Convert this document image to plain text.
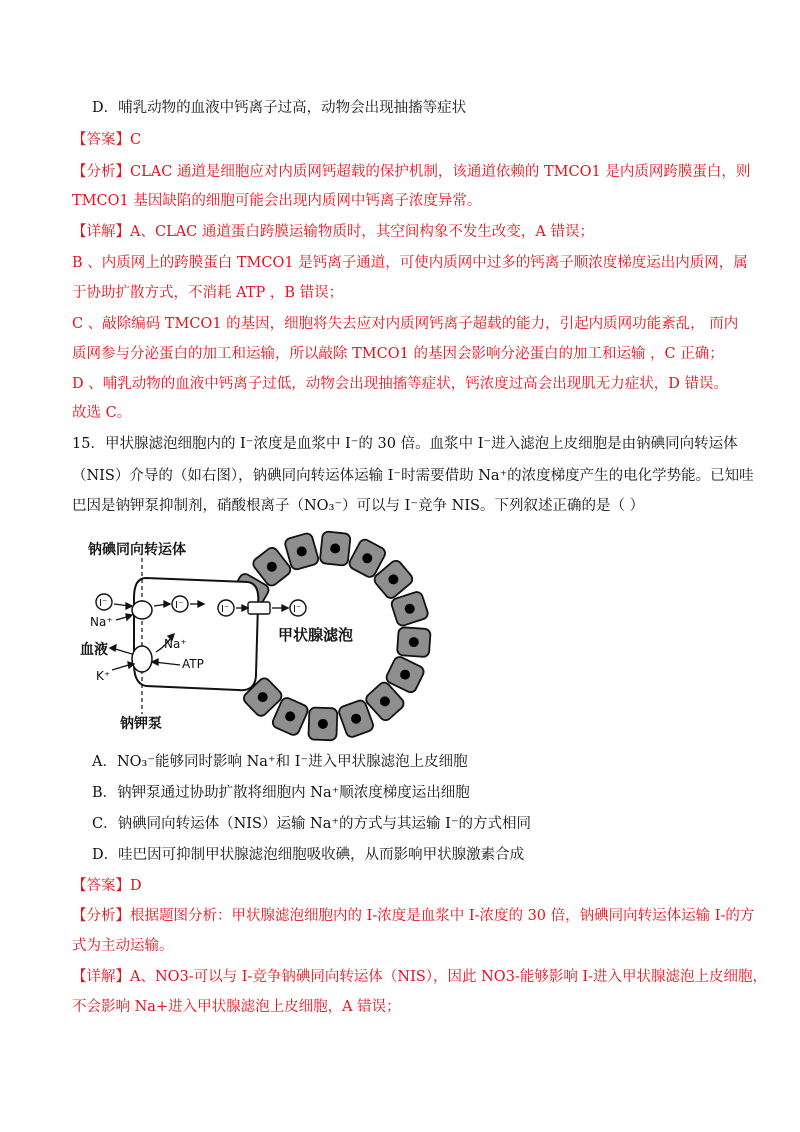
D．哺乳动物的血液中钙离子过高，动物会出现抽搐等症状
【答案】C
【分析】CLAC 通道是细胞应对内质网钙超载的保护机制，该通道依赖的 TMCO1 是内质网跨膜蛋白，则
TMCO1 基因缺陷的细胞可能会出现内质网中钙离子浓度异常。
【详解】A、CLAC 通道蛋白跨膜运输物质时，其空间构象不发生改变，A 错误；
B 、内质网上的跨膜蛋白 TMCO1 是钙离子通道，可使内质网中过多的钙离子顺浓度梯度运出内质网，属
于协助扩散方式，不消耗 ATP ，B 错误；
C 、敲除编码 TMCO1 的基因，细胞将失去应对内质网钙离子超载的能力，引起内质网功能紊乱， 而内
质网参与分泌蛋白的加工和运输，所以敲除 TMCO1 的基因会影响分泌蛋白的加工和运输 ，C 正确；
D 、哺乳动物的血液中钙离子过低，动物会出现抽搐等症状，钙浓度过高会出现肌无力症状，D 错误。
故选 C。
15．甲状腺滤泡细胞内的 I⁻浓度是血浆中 I⁻的 30 倍。血浆中 I⁻进入滤泡上皮细胞是由钠碘同向转运体
（NIS）介导的（如右图），钠碘同向转运体运输 I⁻时需要借助 Na⁺的浓度梯度产生的电化学势能。已知哇
巴因是钠钾泵抑制剂，硝酸根离子（NO₃⁻）可以与 I⁻竞争 NIS。下列叙述正确的是（ ）
钠碘同向转运体
I⁻	I⁻	I⁻	I⁻
Na⁺
Na⁺
血液
K⁺
ATP
钠钾泵
甲状腺滤泡
A．NO₃⁻能够同时影响 Na⁺和 I⁻进入甲状腺滤泡上皮细胞
B．钠钾泵通过协助扩散将细胞内 Na⁺顺浓度梯度运出细胞
C．钠碘同向转运体（NIS）运输 Na⁺的方式与其运输 I⁻的方式相同
D．哇巴因可抑制甲状腺滤泡细胞吸收碘，从而影响甲状腺激素合成
【答案】D
【分析】根据题图分析：甲状腺滤泡细胞内的 I-浓度是血浆中 I-浓度的 30 倍，钠碘同向转运体运输 I-的方
式为主动运输。
【详解】A、NO3-可以与 I-竞争钠碘同向转运体（NIS），因此 NO3-能够影响 I-进入甲状腺滤泡上皮细胞，
不会影响 Na+进入甲状腺滤泡上皮细胞，A 错误；
